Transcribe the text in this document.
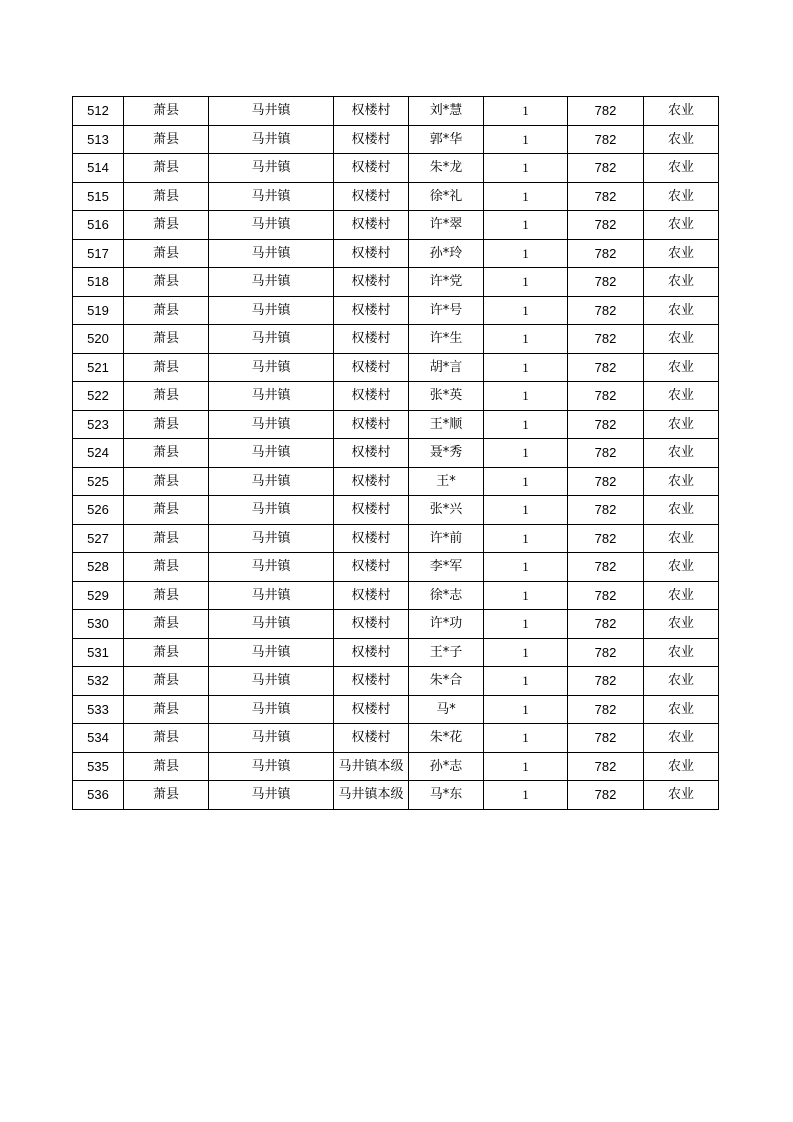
512	萧县	马井镇	权楼村	刘*慧	1	782	农业
513	萧县	马井镇	权楼村	郭*华	1	782	农业
514	萧县	马井镇	权楼村	朱*龙	1	782	农业
515	萧县	马井镇	权楼村	徐*礼	1	782	农业
516	萧县	马井镇	权楼村	许*翠	1	782	农业
517	萧县	马井镇	权楼村	孙*玲	1	782	农业
518	萧县	马井镇	权楼村	许*党	1	782	农业
519	萧县	马井镇	权楼村	许*号	1	782	农业
520	萧县	马井镇	权楼村	许*生	1	782	农业
521	萧县	马井镇	权楼村	胡*言	1	782	农业
522	萧县	马井镇	权楼村	张*英	1	782	农业
523	萧县	马井镇	权楼村	王*顺	1	782	农业
524	萧县	马井镇	权楼村	聂*秀	1	782	农业
525	萧县	马井镇	权楼村	王*	1	782	农业
526	萧县	马井镇	权楼村	张*兴	1	782	农业
527	萧县	马井镇	权楼村	许*前	1	782	农业
528	萧县	马井镇	权楼村	李*军	1	782	农业
529	萧县	马井镇	权楼村	徐*志	1	782	农业
530	萧县	马井镇	权楼村	许*功	1	782	农业
531	萧县	马井镇	权楼村	王*子	1	782	农业
532	萧县	马井镇	权楼村	朱*合	1	782	农业
533	萧县	马井镇	权楼村	马*	1	782	农业
534	萧县	马井镇	权楼村	朱*花	1	782	农业
535	萧县	马井镇	马井镇本级	孙*志	1	782	农业
536	萧县	马井镇	马井镇本级	马*东	1	782	农业
